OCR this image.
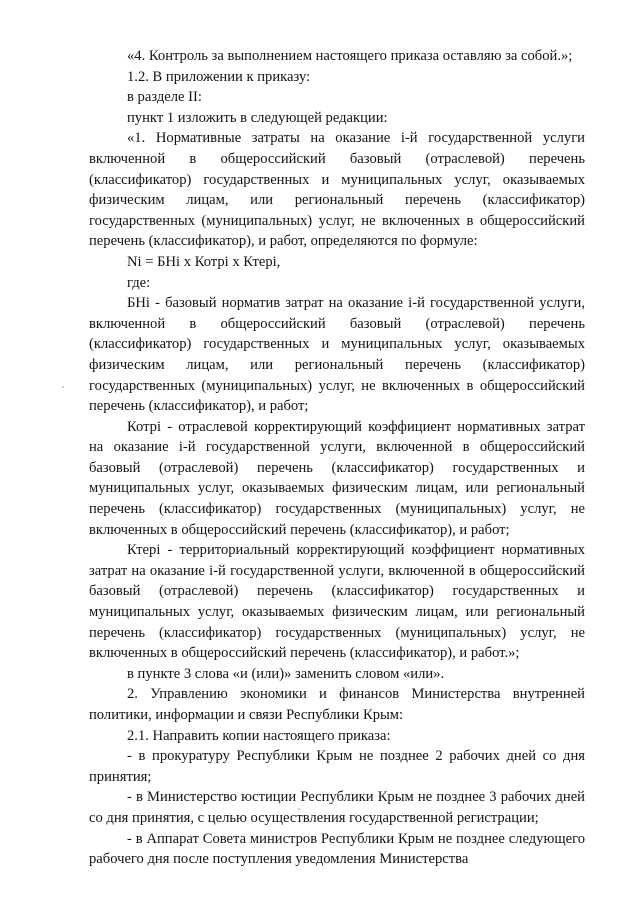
«4. Контроль за выполнением настоящего приказа оставляю за собой.»;

1.2. В приложении к приказу:

в разделе II:

пункт 1 изложить в следующей редакции:

«1. Нормативные затраты на оказание i-й государственной услуги включенной в общероссийский базовый (отраслевой) перечень (классификатор) государственных и муниципальных услуг, оказываемых физическим лицам, или региональный перечень (классификатор) государственных (муниципальных) услуг, не включенных в общероссийский перечень (классификатор), и работ, определяются по формуле:

Ni = БНi x Котрi x Ктерi,

где:

БНi - базовый норматив затрат на оказание i-й государственной услуги, включенной в общероссийский базовый (отраслевой) перечень (классификатор) государственных и муниципальных услуг, оказываемых физическим лицам, или региональный перечень (классификатор) государственных (муниципальных) услуг, не включенных в общероссийский перечень (классификатор), и работ;

Котрi - отраслевой корректирующий коэффициент нормативных затрат на оказание i-й государственной услуги, включенной в общероссийский базовый (отраслевой) перечень (классификатор) государственных и муниципальных услуг, оказываемых физическим лицам, или региональный перечень (классификатор) государственных (муниципальных) услуг, не включенных в общероссийский перечень (классификатор), и работ;

Ктерi - территориальный корректирующий коэффициент нормативных затрат на оказание i-й государственной услуги, включенной в общероссийский базовый (отраслевой) перечень (классификатор) государственных и муниципальных услуг, оказываемых физическим лицам, или региональный перечень (классификатор) государственных (муниципальных) услуг, не включенных в общероссийский перечень (классификатор), и работ.»;

в пункте 3 слова «и (или)» заменить словом «или».

2. Управлению экономики и финансов Министерства внутренней политики, информации и связи Республики Крым:

2.1. Направить копии настоящего приказа:

- в прокуратуру Республики Крым не позднее 2 рабочих дней со дня принятия;

- в Министерство юстиции Республики Крым не позднее 3 рабочих дней со дня принятия, с целью осуществления государственной регистрации;

- в Аппарат Совета министров Республики Крым не позднее следующего рабочего дня после поступления уведомления Министерства
